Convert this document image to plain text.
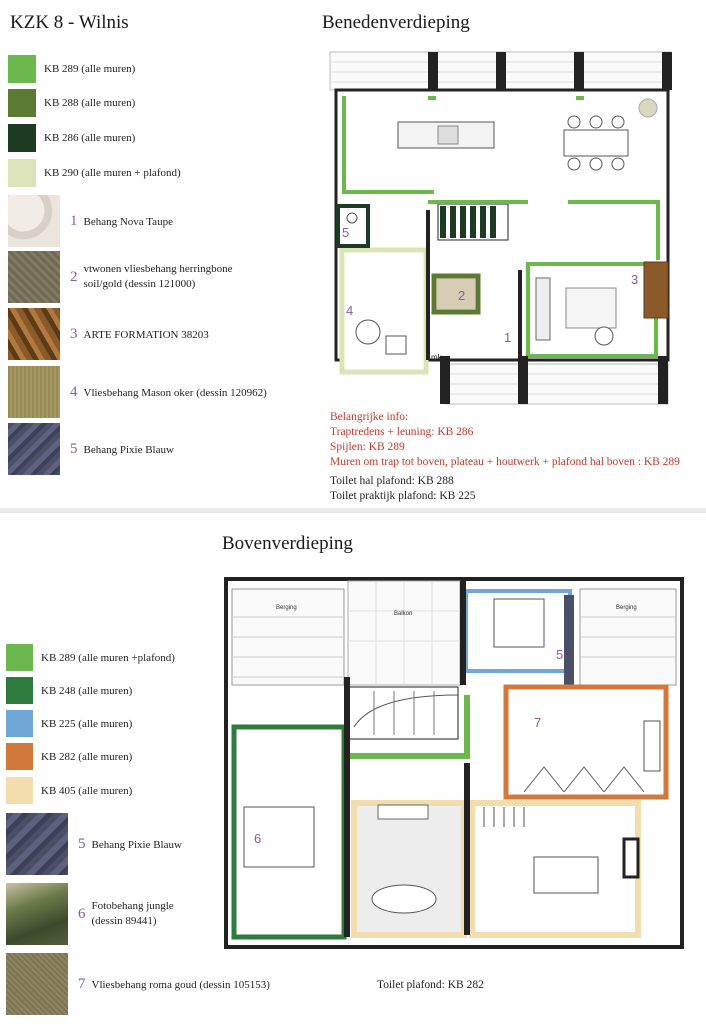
KZK 8 - Wilnis	Benedenverdieping
KB 289 (alle muren)
KB 288 (alle muren)
KB 286 (alle muren)
KB 290 (alle muren + plafond)
1 Behang Nova Taupe
2 vtwonen vliesbehang herringbone
soil/gold (dessin 121000)
3 ARTE FORMATION 38203
4 Vliesbehang Mason oker (dessin 120962)
5 Behang Pixie Blauw
5
2
4
1
3
mk
Belangrijke info:
Traptredens + leuning: KB 286
Spijlen: KB 289
Muren om trap tot boven, plateau + houtwerk + plafond hal boven : KB 289
Toilet hal plafond: KB 288
Toilet praktijk plafond: KB 225
Bovenverdieping
KB 289 (alle muren +plafond)
KB 248 (alle muren)
KB 225 (alle muren)
KB 282 (alle muren)
KB 405 (alle muren)
5 Behang Pixie Blauw
6 Fotobehang jungle
(dessin 89441)
7 Vliesbehang roma goud (dessin 105153)
Berging
Balkon
Berging
5
7
6
Toilet plafond: KB 282
